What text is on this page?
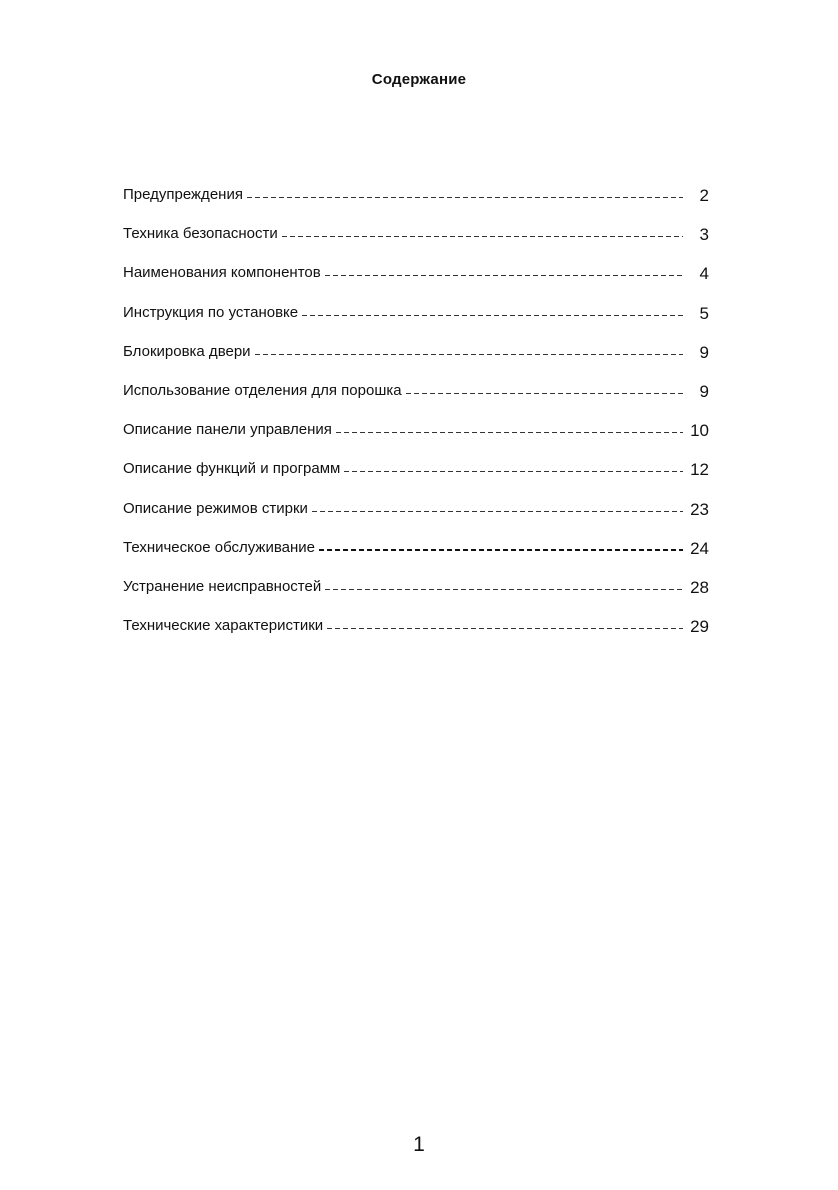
Содержание
Предупреждения	2
Техника безопасности	3
Наименования компонентов	4
Инструкция по установке	5
Блокировка двери	9
Использование отделения для порошка	9
Описание панели управления	10
Описание функций и программ	12
Описание режимов стирки	23
Техническое обслуживание	24
Устранение неисправностей	28
Технические характеристики	29
1
